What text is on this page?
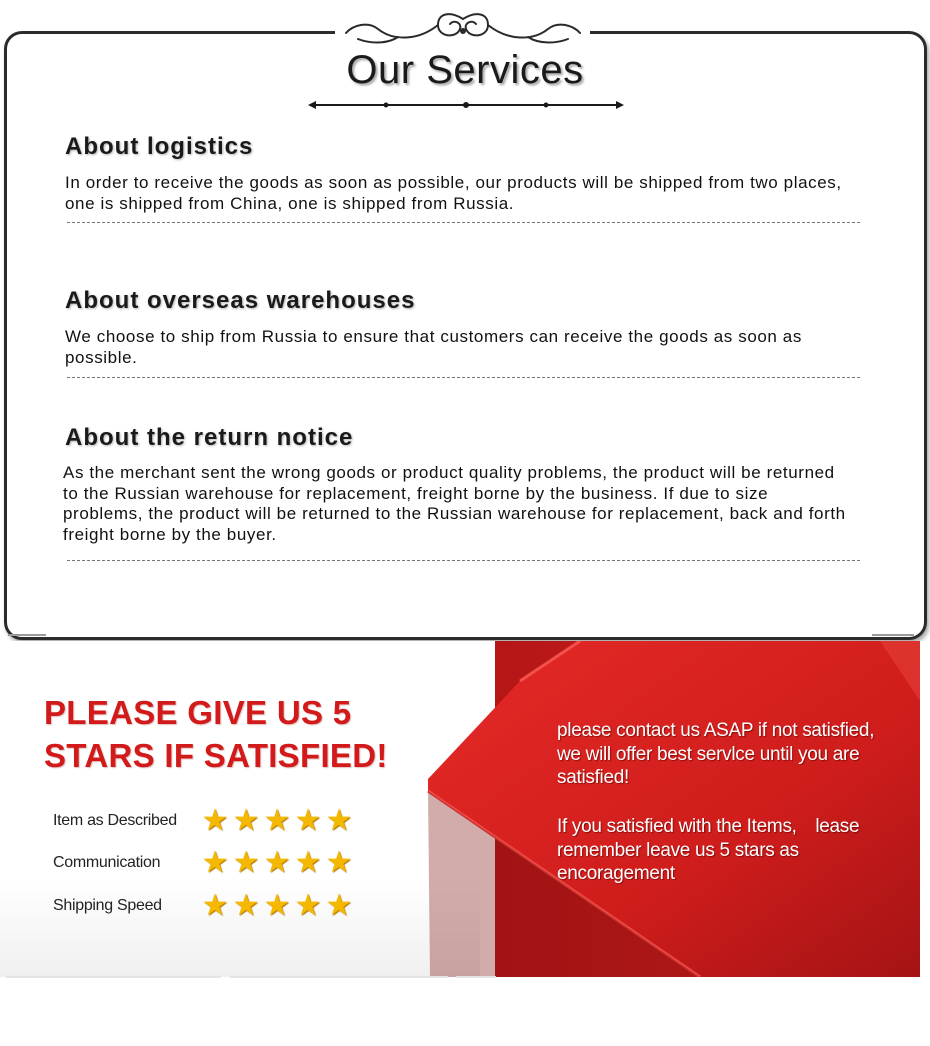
Our Services
About logistics
In order to receive the goods as soon as possible, our products will be shipped from two places, one is shipped from China, one is shipped from Russia.
About overseas warehouses
We choose to ship from Russia to ensure that customers can receive the goods as soon as possible.
About the return notice
As the merchant sent the wrong goods or product quality problems, the product will be returned to the Russian warehouse for replacement, freight borne by the business. If due to size problems, the product will be returned to the Russian warehouse for replacement, back and forth freight borne by the buyer.
PLEASE GIVE US 5
STARS IF SATISFIED!
Item as Described ★ ★ ★ ★ ★
Communication	★ ★ ★ ★ ★
Shipping Speed	★ ★ ★ ★ ★
please contact us ASAP if not satisfied,　we will offer best servlce until you are satisfied!
If you satisfied with the Items,　lease remember leave us 5 stars as encoragement
